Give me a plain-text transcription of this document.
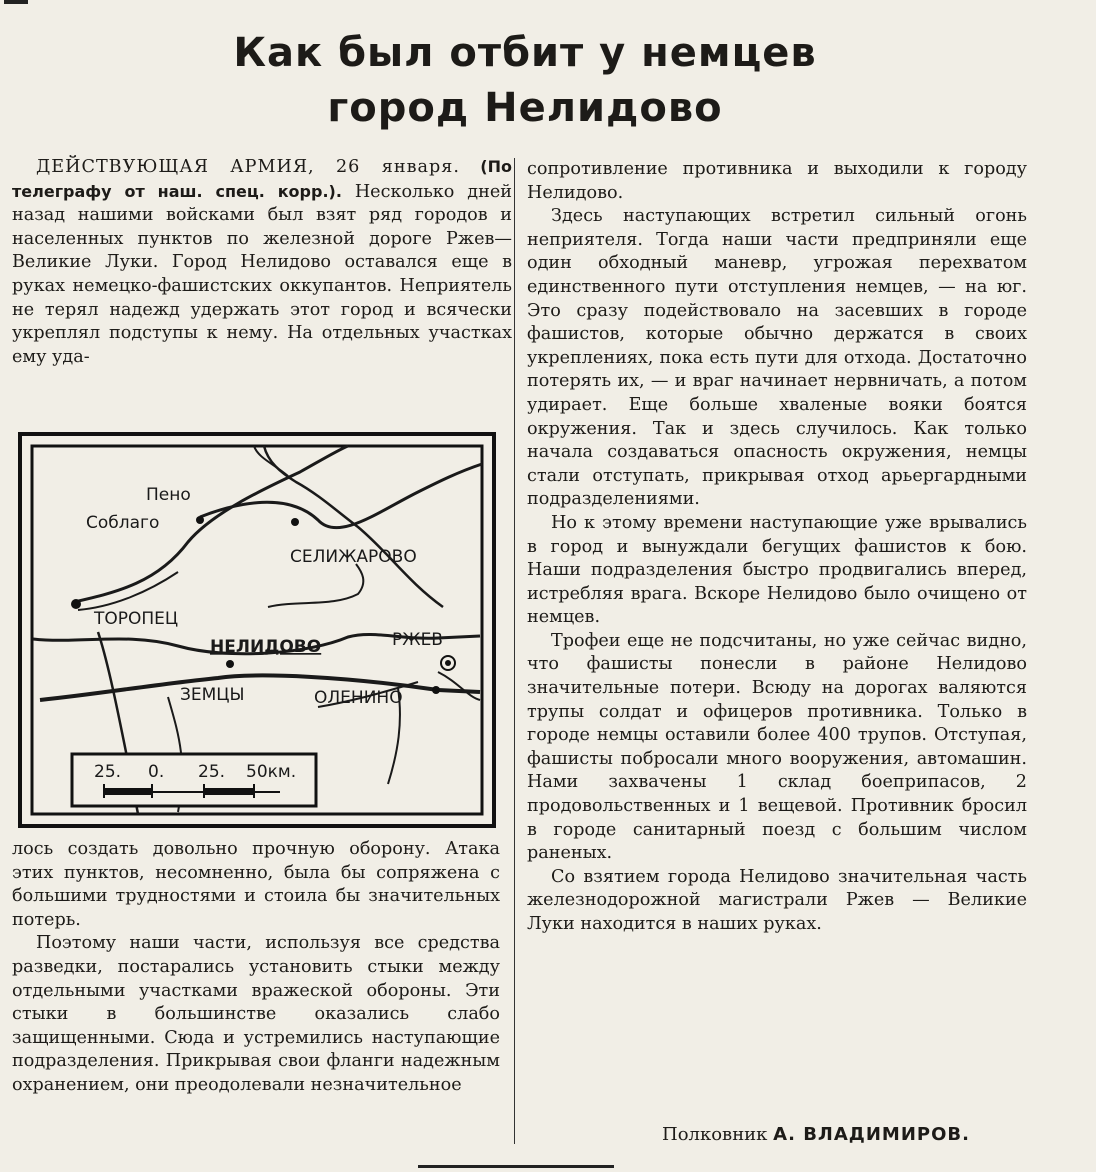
Как был отбит у немцев
город Нелидово

ДЕЙСТВУЮЩАЯ АРМИЯ, 26 января. (По телеграфу от наш. спец. корр.). Несколько дней назад нашими войсками был взят ряд городов и населенных пунктов по железной дороге Ржев—Великие Луки. Город Нелидово оставался еще в руках немецко-фашистских оккупантов. Неприятель не терял надежд удержать этот город и всячески укреплял подступы к нему. На отдельных участках ему уда-

Пено
Соблаго
СЕЛИЖАРОВО
ТОРОПЕЦ
НЕЛИДОВО	РЖЕВ
ЗЕМЦЫ	ОЛЕНИНО
25. 0. 25. 50км.

лось создать довольно прочную оборону. Атака этих пунктов, несомненно, была бы сопряжена с большими трудностями и стоила бы значительных потерь.

Поэтому наши части, используя все средства разведки, постарались установить стыки между отдельными участками вражеской обороны. Эти стыки в большинстве оказались слабо защищенными. Сюда и устремились наступающие подразделения. Прикрывая свои фланги надежным охранением, они преодолевали незначительное

сопротивление противника и выходили к городу Нелидово.

Здесь наступающих встретил сильный огонь неприятеля. Тогда наши части предприняли еще один обходный маневр, угрожая перехватом единственного пути отступления немцев, — на юг. Это сразу подействовало на засевших в городе фашистов, которые обычно держатся в своих укреплениях, пока есть пути для отхода. Достаточно потерять их, — и враг начинает нервничать, а потом удирает. Еще больше хваленые вояки боятся окружения. Так и здесь случилось. Как только начала создаваться опасность окружения, немцы стали отступать, прикрывая отход арьергардными подразделениями.

Но к этому времени наступающие уже врывались в город и вынуждали бегущих фашистов к бою. Наши подразделения быстро продвигались вперед, истребляя врага. Вскоре Нелидово было очищено от немцев.

Трофеи еще не подсчитаны, но уже сейчас видно, что фашисты понесли в районе Нелидово значительные потери. Всюду на дорогах валяются трупы солдат и офицеров противника. Только в городе немцы оставили более 400 трупов. Отступая, фашисты побросали много вооружения, автомашин. Нами захвачены 1 склад боеприпасов, 2 продовольственных и 1 вещевой. Противник бросил в городе санитарный поезд с большим числом раненых.

Со взятием города Нелидово значительная часть железнодорожной магистрали Ржев — Великие Луки находится в наших руках.

Полковник А. ВЛАДИМИРОВ.
